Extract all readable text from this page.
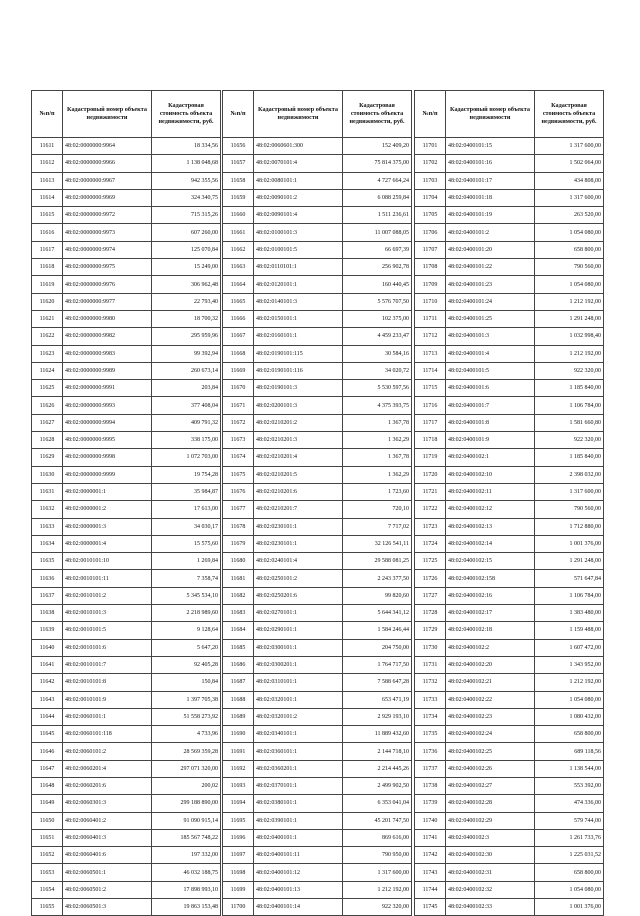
№п/п	Кадастровый номер объекта недвижимости	Кадастровая стоимость объекта недвижимости, руб.
11611	48:02:0000000:9964	18 334,56
11612	48:02:0000000:9966	1 138 048,68
11613	48:02:0000000:9967	942 355,56
11614	48:02:0000000:9969	324 340,75
11615	48:02:0000000:9972	715 315,26
11616	48:02:0000000:9973	607 260,00
11617	48:02:0000000:9974	125 070,84
11618	48:02:0000000:9975	15 249,00
11619	48:02:0000000:9976	306 962,48
11620	48:02:0000000:9977	22 793,40
11621	48:02:0000000:9980	18 700,32
11622	48:02:0000000:9982	295 959,96
11623	48:02:0000000:9983	99 392,94
11624	48:02:0000000:9989	260 673,14
11625	48:02:0000000:9991	203,84
11626	48:02:0000000:9993	377 408,04
11627	48:02:0000000:9994	409 791,32
11628	48:02:0000000:9995	338 175,00
11629	48:02:0000000:9998	1 072 703,00
11630	48:02:0000000:9999	19 754,28
11631	48:02:0000001:1	35 984,87
11632	48:02:0000001:2	17 613,00
11633	48:02:0000001:3	34 030,17
11634	48:02:0000001:4	15 575,60
11635	48:02:0010101:10	1 269,84
11636	48:02:0010101:11	7 358,74
11637	48:02:0010101:2	5 345 534,10
11638	48:02:0010101:3	2 218 989,60
11639	48:02:0010101:5	9 128,64
11640	48:02:0010101:6	5 647,20
11641	48:02:0010101:7	92 405,28
11642	48:02:0010101:8	150,84
11643	48:02:0010101:9	1 397 705,38
11644	48:02:0060101:1	51 558 273,92
11645	48:02:0060101:118	4 733,96
11646	48:02:0060101:2	28 569 359,28
11647	48:02:0060201:4	297 071 320,00
11648	48:02:0060201:6	200,02
11649	48:02:0060301:3	299 188 890,00
11650	48:02:0060401:2	91 090 915,14
11651	48:02:0060401:3	185 567 748,22
11652	48:02:0060401:6	197 332,00
11653	48:02:0060501:1	46 032 188,75
11654	48:02:0060501:2	17 898 993,10
11655	48:02:0060501:3	19 863 153,48
№п/п	Кадастровый номер объекта недвижимости	Кадастровая стоимость объекта недвижимости, руб.
11656	48:02:0060601:300	152 409,20
11657	48:02:0070101:4	75 814 375,00
11658	48:02:0080101:1	4 727 664,24
11659	48:02:0090101:2	6 088 259,84
11660	48:02:0090101:4	1 511 236,61
11661	48:02:0100101:3	11 007 088,05
11662	48:02:0100101:5	66 697,39
11663	48:02:0110101:1	256 902,78
11664	48:02:0120101:1	160 440,45
11665	48:02:0140101:3	5 576 707,50
11666	48:02:0150101:1	102 375,00
11667	48:02:0160101:1	4 459 233,47
11668	48:02:0190101:115	30 584,16
11669	48:02:0190101:116	34 020,72
11670	48:02:0190101:3	5 530 597,56
11671	48:02:0200101:3	4 375 393,75
11672	48:02:0210201:2	1 367,78
11673	48:02:0210201:3	1 362,29
11674	48:02:0210201:4	1 367,78
11675	48:02:0210201:5	1 362,29
11676	48:02:0210201:6	1 723,60
11677	48:02:0210201:7	720,10
11678	48:02:0230101:1	7 717,02
11679	48:02:0230101:1	32 126 541,11
11680	48:02:0240101:4	29 588 081,25
11681	48:02:0250101:2	2 243 377,50
11682	48:02:0250201:6	99 820,60
11683	48:02:0270101:1	5 644 341,12
11684	48:02:0290101:1	1 584 246,44
11685	48:02:0300101:1	204 750,00
11686	48:02:0300201:1	1 764 717,50
11687	48:02:0310101:1	7 588 647,28
11688	48:02:0320101:1	653 471,19
11689	48:02:0320101:2	2 929 193,10
11690	48:02:0340101:1	11 889 432,60
11691	48:02:0360101:1	2 144 718,10
11692	48:02:0360201:1	2 214 445,26
11693	48:02:0370101:1	2 499 902,50
11694	48:02:0380101:1	6 353 041,04
11695	48:02:0390101:1	45 201 747,50
11696	48:02:0400101:1	869 616,00
11697	48:02:0400101:11	790 950,00
11698	48:02:0400101:12	1 317 600,00
11699	48:02:0400101:13	1 212 192,00
11700	48:02:0400101:14	922 320,00
№п/п	Кадастровый номер объекта недвижимости	Кадастровая стоимость объекта недвижимости, руб.
11701	48:02:0400101:15	1 317 600,00
11702	48:02:0400101:16	1 502 064,00
11703	48:02:0400101:17	434 808,00
11704	48:02:0400101:18	1 317 600,00
11705	48:02:0400101:19	263 520,00
11706	48:02:0400101:2	1 054 080,00
11707	48:02:0400101:20	658 800,00
11708	48:02:0400101:22	790 560,00
11709	48:02:0400101:23	1 054 080,00
11710	48:02:0400101:24	1 212 192,00
11711	48:02:0400101:25	1 291 248,00
11712	48:02:0400101:3	1 032 998,40
11713	48:02:0400101:4	1 212 192,00
11714	48:02:0400101:5	922 320,00
11715	48:02:0400101:6	1 185 840,00
11716	48:02:0400101:7	1 106 784,00
11717	48:02:0400101:8	1 581 660,80
11718	48:02:0400101:9	922 320,00
11719	48:02:0400102:1	1 185 840,00
11720	48:02:0400102:10	2 398 032,00
11721	48:02:0400102:11	1 317 600,00
11722	48:02:0400102:12	790 560,00
11723	48:02:0400102:13	1 712 880,00
11724	48:02:0400102:14	1 001 376,00
11725	48:02:0400102:15	1 291 248,00
11726	48:02:0400102:158	571 647,84
11727	48:02:0400102:16	1 106 784,00
11728	48:02:0400102:17	1 383 480,00
11729	48:02:0400102:18	1 159 488,00
11730	48:02:0400102:2	1 607 472,00
11731	48:02:0400102:20	1 343 952,00
11732	48:02:0400102:21	1 212 192,00
11733	48:02:0400102:22	1 054 080,00
11734	48:02:0400102:23	1 080 432,00
11735	48:02:0400102:24	658 800,00
11736	48:02:0400102:25	689 118,56
11737	48:02:0400102:26	1 138 544,00
11738	48:02:0400102:27	553 392,00
11739	48:02:0400102:28	474 336,00
11740	48:02:0400102:29	579 744,00
11741	48:02:0400102:3	1 261 733,76
11742	48:02:0400102:30	1 225 031,52
11743	48:02:0400102:31	658 800,00
11744	48:02:0400102:32	1 054 080,00
11745	48:02:0400102:33	1 001 376,00
